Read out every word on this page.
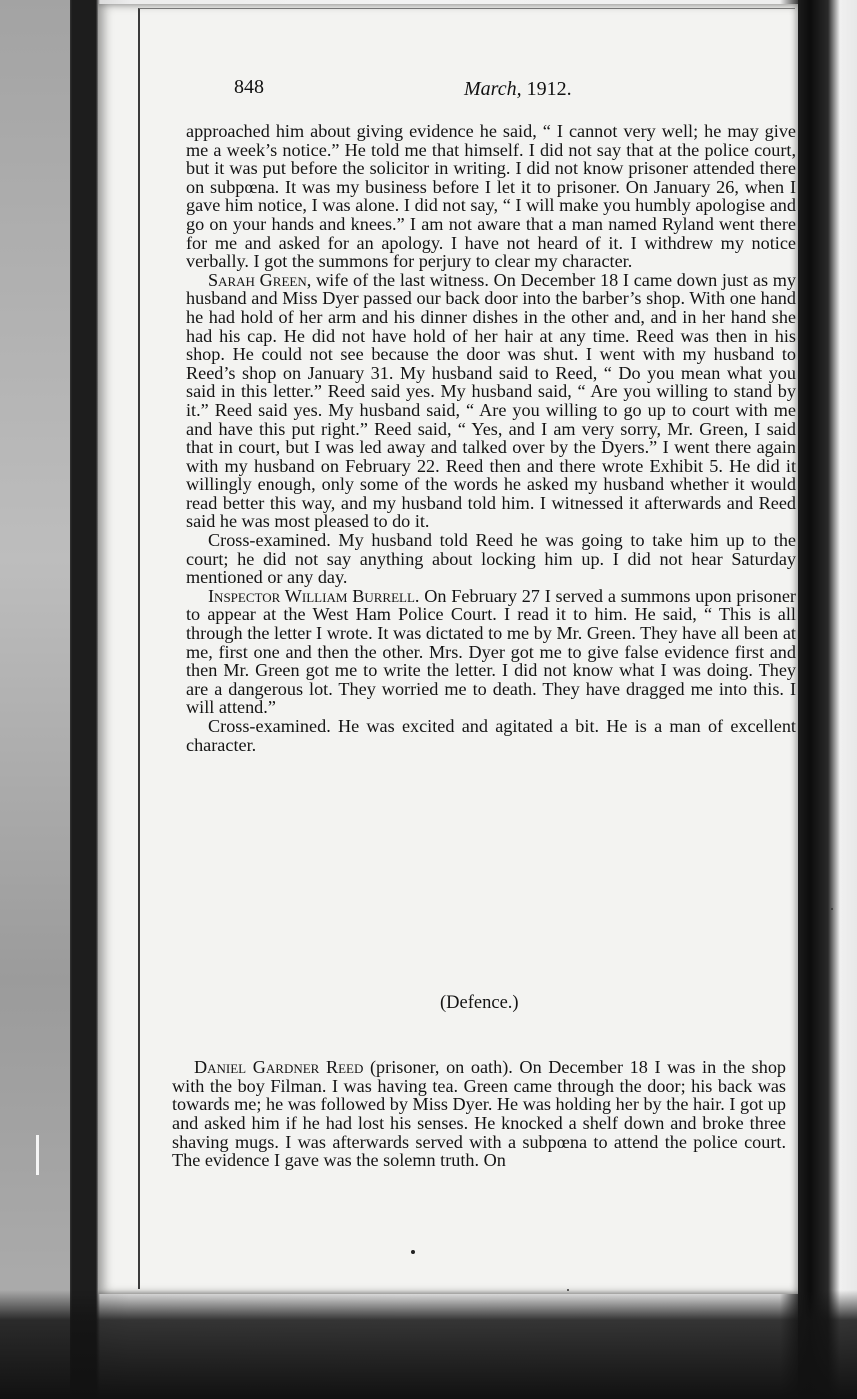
848	March, 1912.

approached him about giving evidence he said, “ I cannot very well; he may give me a week’s notice.” He told me that himself. I did not say that at the police court, but it was put before the solicitor in writing. I did not know prisoner attended there on subpœna. It was my business before I let it to prisoner. On January 26, when I gave him notice, I was alone. I did not say, “ I will make you humbly apologise and go on your hands and knees.” I am not aware that a man named Ryland went there for me and asked for an apology. I have not heard of it. I withdrew my notice verbally. I got the summons for perjury to clear my character.

Sarah Green, wife of the last witness. On December 18 I came down just as my husband and Miss Dyer passed our back door into the barber’s shop. With one hand he had hold of her arm and his dinner dishes in the other and, and in her hand she had his cap. He did not have hold of her hair at any time. Reed was then in his shop. He could not see because the door was shut. I went with my husband to Reed’s shop on January 31. My husband said to Reed, “ Do you mean what you said in this letter.” Reed said yes. My husband said, “ Are you willing to stand by it.” Reed said yes. My husband said, “ Are you willing to go up to court with me and have this put right.” Reed said, “ Yes, and I am very sorry, Mr. Green, I said that in court, but I was led away and talked over by the Dyers.” I went there again with my husband on February 22. Reed then and there wrote Exhibit 5. He did it willingly enough, only some of the words he asked my husband whether it would read better this way, and my husband told him. I witnessed it afterwards and Reed said he was most pleased to do it.

Cross-examined. My husband told Reed he was going to take him up to the court; he did not say anything about locking him up. I did not hear Saturday mentioned or any day.

Inspector William Burrell. On February 27 I served a summons upon prisoner to appear at the West Ham Police Court. I read it to him. He said, “ This is all through the letter I wrote. It was dictated to me by Mr. Green. They have all been at me, first one and then the other. Mrs. Dyer got me to give false evidence first and then Mr. Green got me to write the letter. I did not know what I was doing. They are a dangerous lot. They worried me to death. They have dragged me into this. I will attend.”

Cross-examined. He was excited and agitated a bit. He is a man of excellent character.

(Defence.)

Daniel Gardner Reed (prisoner, on oath). On December 18 I was in the shop with the boy Filman. I was having tea. Green came through the door; his back was towards me; he was followed by Miss Dyer. He was holding her by the hair. I got up and asked him if he had lost his senses. He knocked a shelf down and broke three shaving mugs. I was afterwards served with a subpœna to attend the police court. The evidence I gave was the solemn truth. On
